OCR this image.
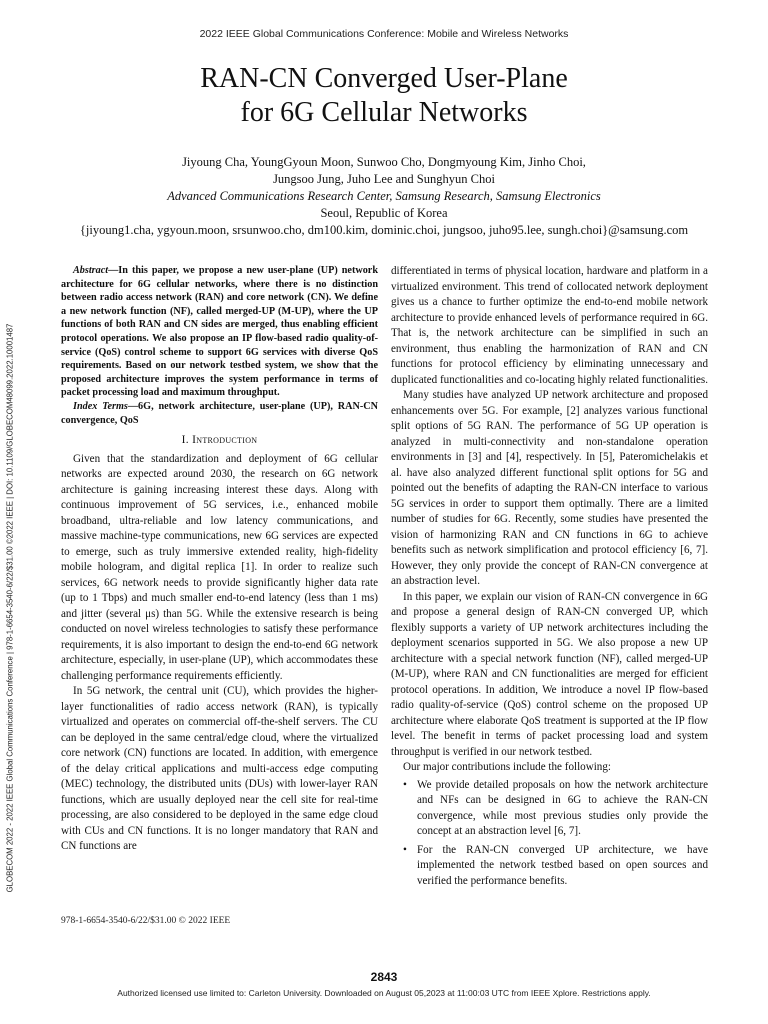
2022 IEEE Global Communications Conference: Mobile and Wireless Networks
RAN-CN Converged User-Plane
for 6G Cellular Networks
Jiyoung Cha, YoungGyoun Moon, Sunwoo Cho, Dongmyoung Kim, Jinho Choi,
Jungsoo Jung, Juho Lee and Sunghyun Choi
Advanced Communications Research Center, Samsung Research, Samsung Electronics
Seoul, Republic of Korea
{jiyoung1.cha, ygyoun.moon, srsunwoo.cho, dm100.kim, dominic.choi, jungsoo, juho95.lee, sungh.choi}@samsung.com
GLOBECOM 2022 - 2022 IEEE Global Communications Conference | 978-1-6654-3540-6/22/$31.00 ©2022 IEEE | DOI: 10.1109/GLOBECOM48099.2022.10001487

Abstract—In this paper, we propose a new user-plane (UP) network architecture for 6G cellular networks, where there is no distinction between radio access network (RAN) and core network (CN). We define a new network function (NF), called merged-UP (M-UP), where the UP functions of both RAN and CN sides are merged, thus enabling efficient protocol operations. We also propose an IP flow-based radio quality-of-service (QoS) control scheme to support 6G services with diverse QoS requirements. Based on our network testbed system, we show that the proposed architecture improves the system performance in terms of packet processing load and maximum throughput.

Index Terms—6G, network architecture, user-plane (UP), RAN-CN convergence, QoS

I. Introduction

Given that the standardization and deployment of 6G cellular networks are expected around 2030, the research on 6G network architecture is gaining increasing interest these days. Along with continuous improvement of 5G services, i.e., enhanced mobile broadband, ultra-reliable and low latency communications, and massive machine-type communications, new 6G services are expected to emerge, such as truly immersive extended reality, high-fidelity mobile hologram, and digital replica [1]. In order to realize such services, 6G network needs to provide significantly higher data rate (up to 1 Tbps) and much smaller end-to-end latency (less than 1 ms) and jitter (several μs) than 5G. While the extensive research is being conducted on novel wireless technologies to satisfy these performance requirements, it is also important to design the end-to-end 6G network architecture, especially, in user-plane (UP), which accommodates these challenging performance requirements efficiently.

In 5G network, the central unit (CU), which provides the higher-layer functionalities of radio access network (RAN), is typically virtualized and operates on commercial off-the-shelf servers. The CU can be deployed in the same central/edge cloud, where the virtualized core network (CN) functions are located. In addition, with emergence of the delay critical applications and multi-access edge computing (MEC) technology, the distributed units (DUs) with lower-layer RAN functions, which are usually deployed near the cell site for real-time processing, are also considered to be deployed in the same edge cloud with CUs and CN functions. It is no longer mandatory that RAN and CN functions are

differentiated in terms of physical location, hardware and platform in a virtualized environment. This trend of collocated network deployment gives us a chance to further optimize the end-to-end mobile network architecture to provide enhanced levels of performance required in 6G. That is, the network architecture can be simplified in such an environment, thus enabling the harmonization of RAN and CN functions for protocol efficiency by eliminating unnecessary and duplicated functionalities and co-locating highly related functionalities.

Many studies have analyzed UP network architecture and proposed enhancements over 5G. For example, [2] analyzes various functional split options of 5G RAN. The performance of 5G UP operation is analyzed in multi-connectivity and non-standalone operation environments in [3] and [4], respectively. In [5], Pateromichelakis et al. have also analyzed different functional split options for 5G and pointed out the benefits of adapting the RAN-CN interface to various 5G services in order to support them optimally. There are a limited number of studies for 6G. Recently, some studies have presented the vision of harmonizing RAN and CN functions in 6G to achieve benefits such as network simplification and protocol efficiency [6, 7]. However, they only provide the concept of RAN-CN convergence at an abstraction level.

In this paper, we explain our vision of RAN-CN convergence in 6G and propose a general design of RAN-CN converged UP, which flexibly supports a variety of UP network architectures including the deployment scenarios supported in 5G. We also propose a new UP architecture with a special network function (NF), called merged-UP (M-UP), where RAN and CN functionalities are merged for efficient protocol operations. In addition, We introduce a novel IP flow-based radio quality-of-service (QoS) control scheme on the proposed UP architecture where elaborate QoS treatment is supported at the IP flow level. The benefit in terms of packet processing load and system throughput is verified in our network testbed.

Our major contributions include the following:

• We provide detailed proposals on how the network architecture and NFs can be designed in 6G to achieve the RAN-CN convergence, while most previous studies only provide the concept at an abstraction level [6, 7].
• For the RAN-CN converged UP architecture, we have implemented the network testbed based on open sources and verified the performance benefits.
978-1-6654-3540-6/22/$31.00 © 2022 IEEE
2843
Authorized licensed use limited to: Carleton University. Downloaded on August 05,2023 at 11:00:03 UTC from IEEE Xplore. Restrictions apply.
